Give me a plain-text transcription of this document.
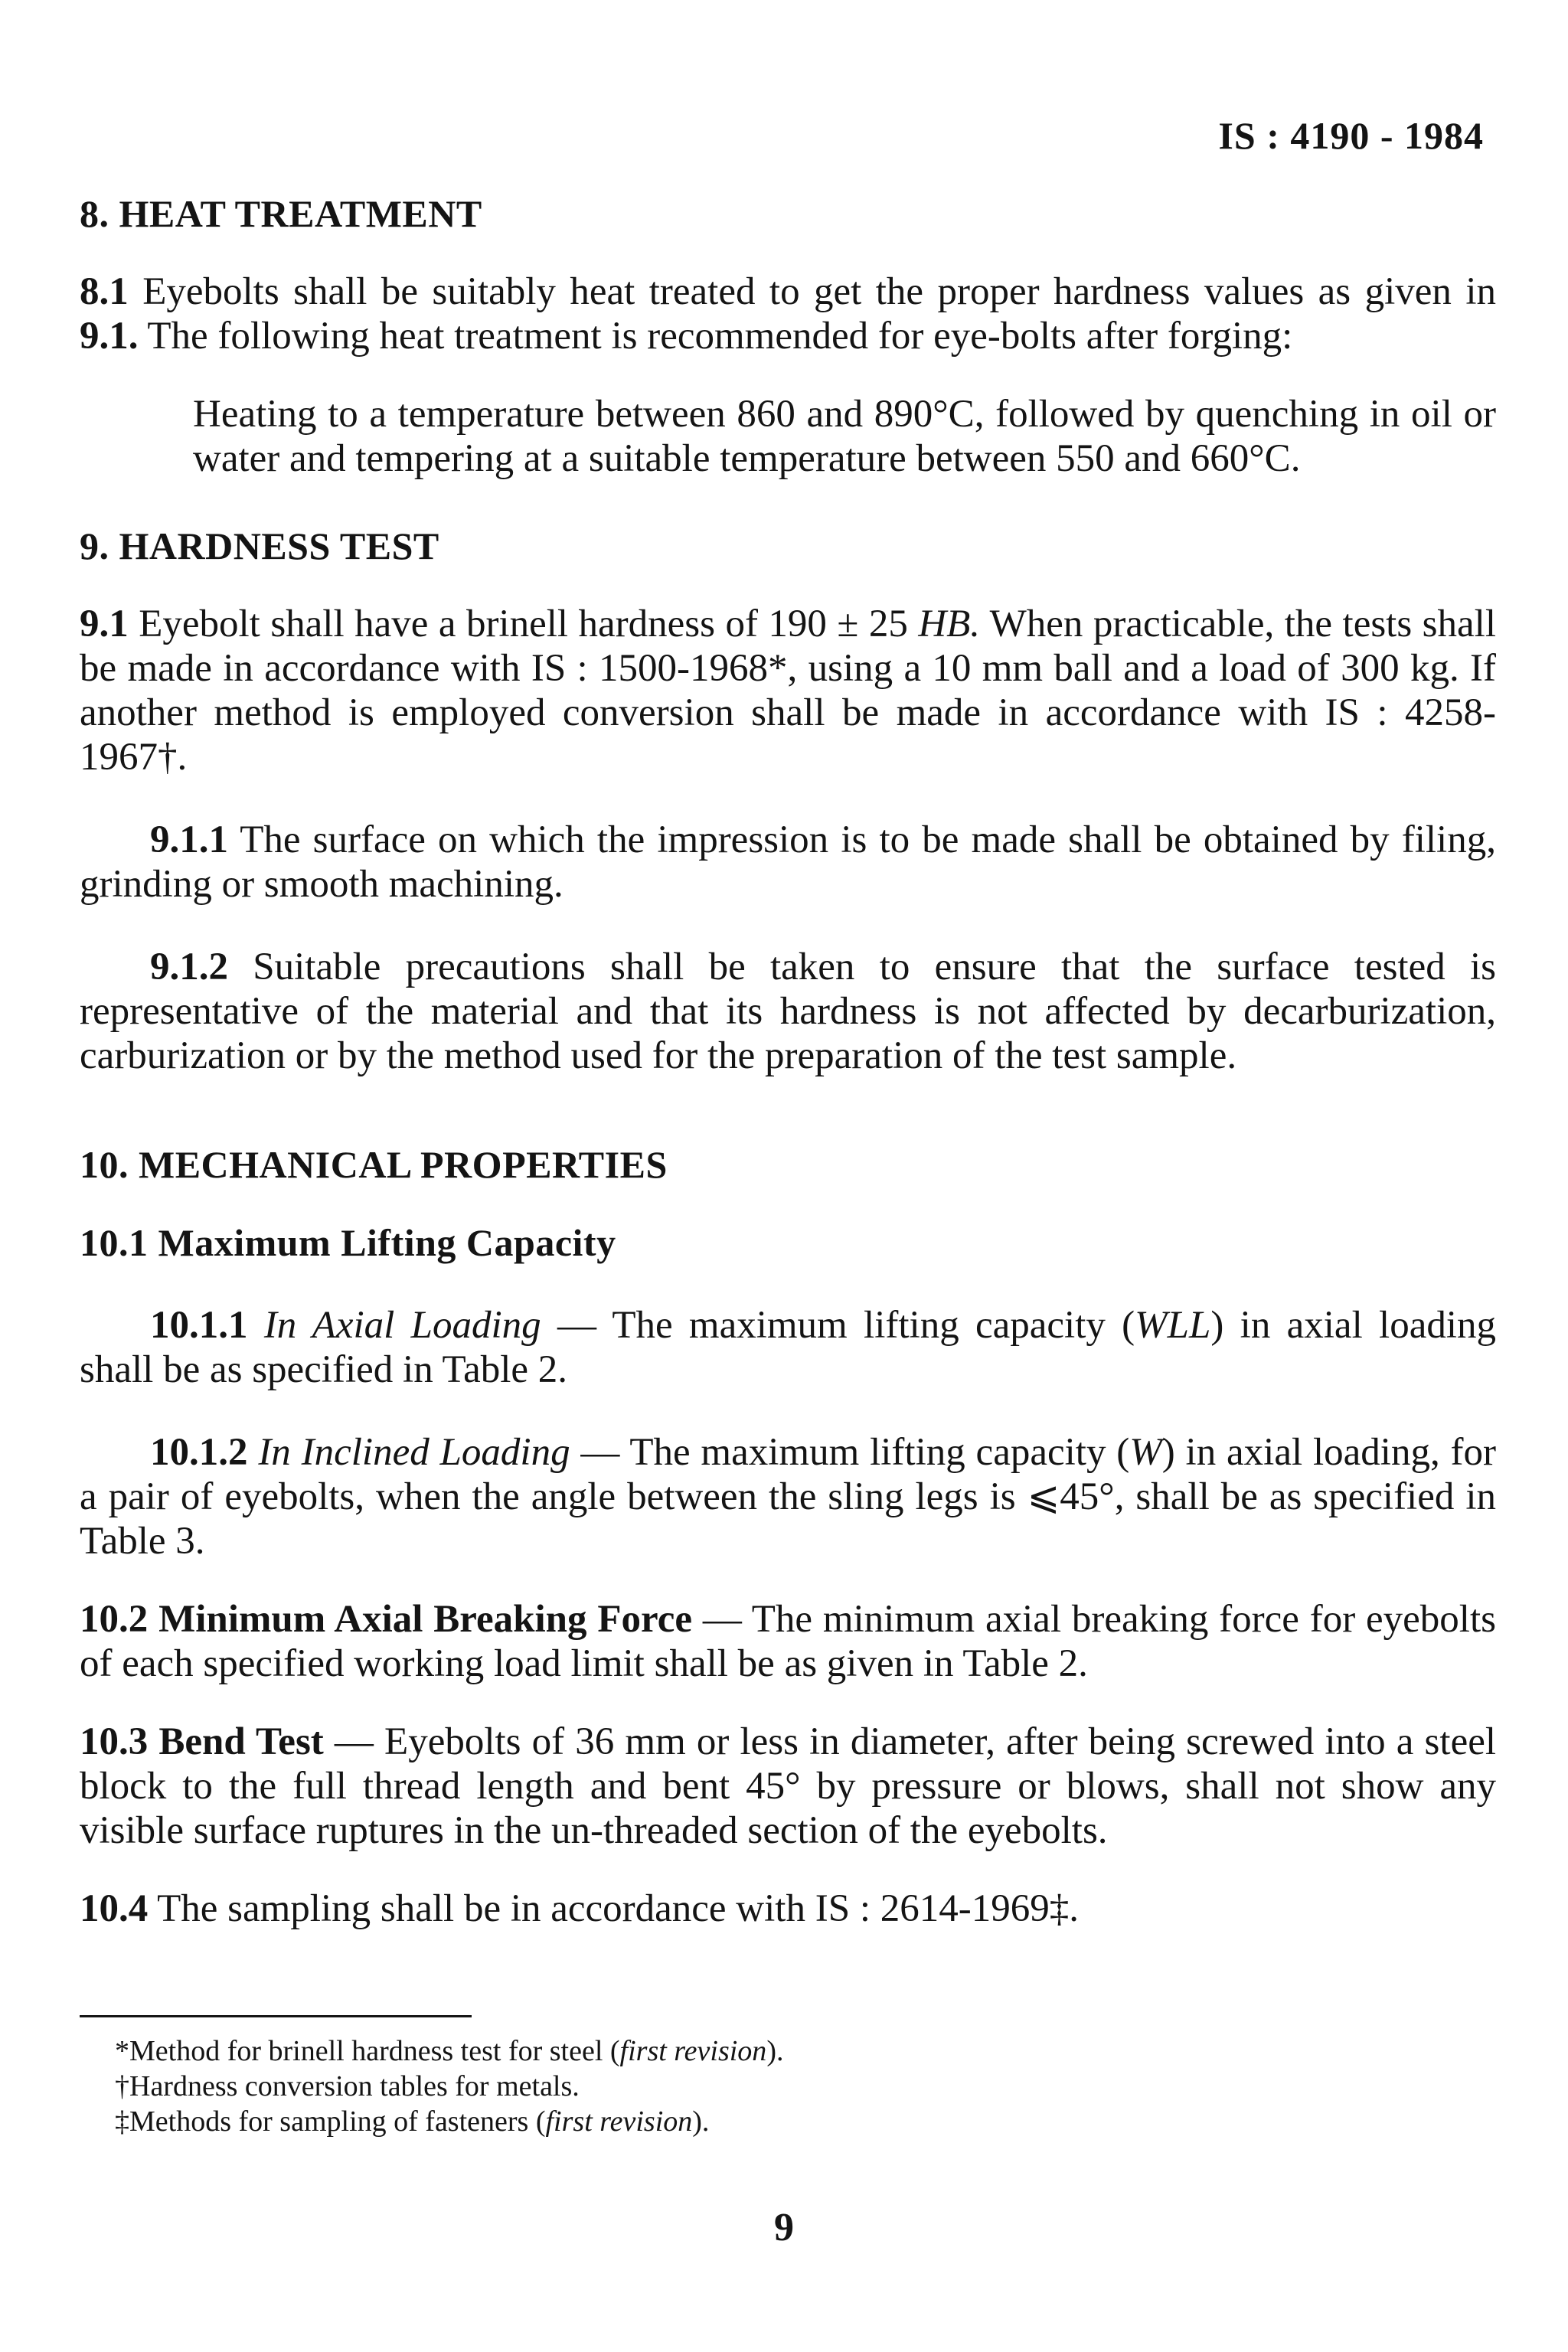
IS : 4190 - 1984
8. HEAT TREATMENT

8.1 Eyebolts shall be suitably heat treated to get the proper hardness values as given in 9.1. The following heat treatment is recommended for eye-bolts after forging:

Heating to a temperature between 860 and 890°C, followed by quenching in oil or water and tempering at a suitable temperature between 550 and 660°C.

9. HARDNESS TEST

9.1 Eyebolt shall have a brinell hardness of 190 ± 25 HB. When practicable, the tests shall be made in accordance with IS : 1500-1968*, using a 10 mm ball and a load of 300 kg. If another method is employed conversion shall be made in accordance with IS : 4258-1967†.

9.1.1 The surface on which the impression is to be made shall be obtained by filing, grinding or smooth machining.

9.1.2 Suitable precautions shall be taken to ensure that the surface tested is representative of the material and that its hardness is not affected by decarburization, carburization or by the method used for the preparation of the test sample.

10. MECHANICAL PROPERTIES
10.1 Maximum Lifting Capacity

10.1.1 In Axial Loading — The maximum lifting capacity (WLL) in axial loading shall be as specified in Table 2.

10.1.2 In Inclined Loading — The maximum lifting capacity (W) in axial loading, for a pair of eyebolts, when the angle between the sling legs is ⩽45°, shall be as specified in Table 3.

10.2 Minimum Axial Breaking Force — The minimum axial breaking force for eyebolts of each specified working load limit shall be as given in Table 2.

10.3 Bend Test — Eyebolts of 36 mm or less in diameter, after being screwed into a steel block to the full thread length and bent 45° by pressure or blows, shall not show any visible surface ruptures in the un-threaded section of the eyebolts.

10.4 The sampling shall be in accordance with IS : 2614-1969‡.

*Method for brinell hardness test for steel (first revision).
†Hardness conversion tables for metals.
‡Methods for sampling of fasteners (first revision).
9
